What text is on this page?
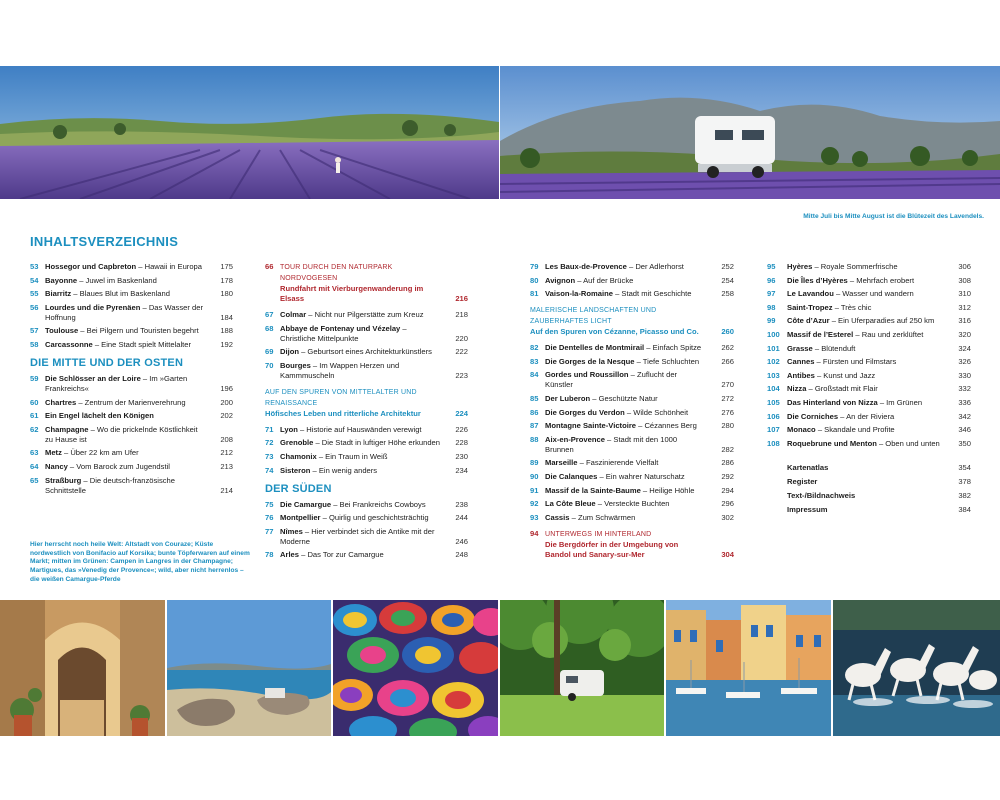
Mitte Juli bis Mitte August ist die Blütezeit des Lavendels.
INHALTSVERZEICHNIS
53 Hossegor und Capbreton – Hawaii in Europa	175
54 Bayonne – Juwel im Baskenland	178
55 Biarritz – Blaues Blut im Baskenland	180
56 Lourdes und die Pyrenäen – Das Wasser der Hoffnung	184
57 Toulouse – Bei Pilgern und Touristen begehrt	188
58 Carcassonne – Eine Stadt spielt Mittelalter	192
DIE MITTE UND DER OSTEN
59 Die Schlösser an der Loire – Im »Garten Frankreichs«	196
60 Chartres – Zentrum der Marienverehrung	200
61 Ein Engel lächelt den Königen	202
62 Champagne – Wo die prickelnde Köstlichkeit zu Hause ist	208
63 Metz – Über 22 km am Ufer	212
64 Nancy – Vom Barock zum Jugendstil	213
65 Straßburg – Die deutsch-französische Schnittstelle	214
Hier herrscht noch heile Welt: Altstadt von Couraze; Küste nordwestlich von Bonifacio auf Korsika; bunte Töpferwaren auf einem Markt; mitten im Grünen: Campen in Langres in der Champagne; Martigues, das »Venedig der Provence«; wild, aber nicht herrenlos – die weißen Camargue-Pferde
66 TOUR DURCH DEN NATURPARK NORDVOGESEN
Rundfahrt mit Vierburgenwanderung im Elsass	216
67 Colmar – Nicht nur Pilgerstätte zum Kreuz	218
68 Abbaye de Fontenay und Vézelay – Christliche Mittelpunkte	220
69 Dijon – Geburtsort eines Architekturkünstlers	222
70 Bourges – Im Wappen Herzen und Kammmuscheln	223
AUF DEN SPUREN VON MITTELALTER UND RENAISSANCE
Höfisches Leben und ritterliche Architektur	224
71 Lyon – Historie auf Hauswänden verewigt	226
72 Grenoble – Die Stadt in luftiger Höhe erkunden	228
73 Chamonix – Ein Traum in Weiß	230
74 Sisteron – Ein wenig anders	234
DER SÜDEN
75 Die Camargue – Bei Frankreichs Cowboys	238
76 Montpellier – Quirlig und geschichtsträchtig	244
77 Nîmes – Hier verbindet sich die Antike mit der Moderne	246
78 Arles – Das Tor zur Camargue	248
79 Les Baux-de-Provence – Der Adlerhorst	252
80 Avignon – Auf der Brücke	254
81 Vaison-la-Romaine – Stadt mit Geschichte	258
MALERISCHE LANDSCHAFTEN UND ZAUBERHAFTES LICHT
Auf den Spuren von Cézanne, Picasso und Co.	260
82 Die Dentelles de Montmirail – Einfach Spitze	262
83 Die Gorges de la Nesque – Tiefe Schluchten	266
84 Gordes und Roussillon – Zuflucht der Künstler	270
85 Der Luberon – Geschützte Natur	272
86 Die Gorges du Verdon – Wilde Schönheit	276
87 Montagne Sainte-Victoire – Cézannes Berg	280
88 Aix-en-Provence – Stadt mit den 1000 Brunnen	282
89 Marseille – Faszinierende Vielfalt	286
90 Die Calanques – Ein wahrer Naturschatz	292
91 Massif de la Sainte-Baume – Heilige Höhle	294
92 La Côte Bleue – Versteckte Buchten	296
93 Cassis – Zum Schwärmen	302
94 UNTERWEGS IM HINTERLAND
Die Bergdörfer in der Umgebung von Bandol und Sanary-sur-Mer	304
95	Hyères – Royale Sommerfrische	306
96	Die Îles d’Hyères – Mehrfach erobert	308
97	Le Lavandou – Wasser und wandern	310
98	Saint-Tropez – Très chic	312
99	Côte d’Azur – Ein Uferparadies auf 250 km	316
100 Massif de l’Esterel – Rau und zerklüftet	320
101 Grasse – Blütenduft	324
102 Cannes – Fürsten und Filmstars	326
103 Antibes – Kunst und Jazz	330
104 Nizza – Großstadt mit Flair	332
105 Das Hinterland von Nizza – Im Grünen	336
106 Die Corniches – An der Riviera	342
107 Monaco – Skandale und Profite	346
108 Roquebrune und Menton – Oben und unten	350
Kartenatlas	354
Register	378
Text-/Bildnachweis	382
Impressum	384
